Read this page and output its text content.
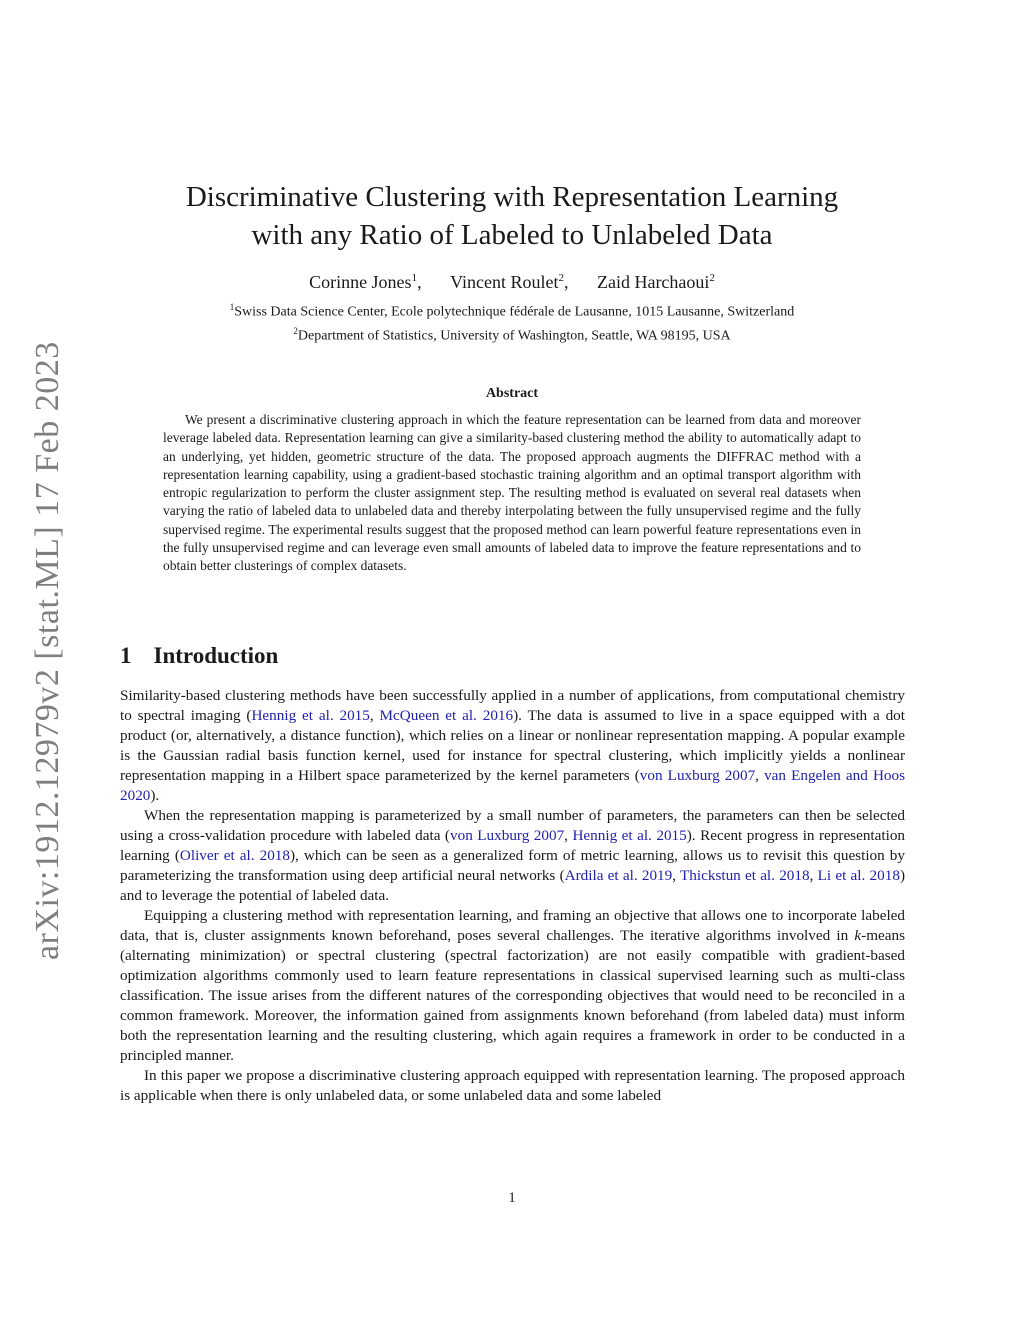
arXiv:1912.12979v2 [stat.ML] 17 Feb 2023
Discriminative Clustering with Representation Learning
with any Ratio of Labeled to Unlabeled Data
Corinne Jones$^1$, Vincent Roulet$^2$, Zaid Harchaoui$^2$
$^1$Swiss Data Science Center, Ecole polytechnique fédérale de Lausanne, 1015 Lausanne, Switzerland
$^2$Department of Statistics, University of Washington, Seattle, WA 98195, USA
Abstract
We present a discriminative clustering approach in which the feature representation can be learned from data and moreover leverage labeled data. Representation learning can give a similarity-based clustering method the ability to automatically adapt to an underlying, yet hidden, geometric structure of the data. The proposed approach augments the DIFFRAC method with a representation learning capability, using a gradient-based stochastic training algorithm and an optimal transport algorithm with entropic regularization to perform the cluster assignment step. The resulting method is evaluated on several real datasets when varying the ratio of labeled data to unlabeled data and thereby interpolating between the fully unsupervised regime and the fully supervised regime. The experimental results suggest that the proposed method can learn powerful feature representations even in the fully unsupervised regime and can leverage even small amounts of labeled data to improve the feature representations and to obtain better clusterings of complex datasets.
1 Introduction

Similarity-based clustering methods have been successfully applied in a number of applications, from computational chemistry to spectral imaging (Hennig et al. 2015, McQueen et al. 2016). The data is assumed to live in a space equipped with a dot product (or, alternatively, a distance function), which relies on a linear or nonlinear representation mapping. A popular example is the Gaussian radial basis function kernel, used for instance for spectral clustering, which implicitly yields a nonlinear representation mapping in a Hilbert space parameterized by the kernel parameters (von Luxburg 2007, van Engelen and Hoos 2020).

When the representation mapping is parameterized by a small number of parameters, the parameters can then be selected using a cross-validation procedure with labeled data (von Luxburg 2007, Hennig et al. 2015). Recent progress in representation learning (Oliver et al. 2018), which can be seen as a generalized form of metric learning, allows us to revisit this question by parameterizing the transformation using deep artificial neural networks (Ardila et al. 2019, Thickstun et al. 2018, Li et al. 2018) and to leverage the potential of labeled data.

Equipping a clustering method with representation learning, and framing an objective that allows one to incorporate labeled data, that is, cluster assignments known beforehand, poses several challenges. The iterative algorithms involved in k-means (alternating minimization) or spectral clustering (spectral factorization) are not easily compatible with gradient-based optimization algorithms commonly used to learn feature representations in classical supervised learning such as multi-class classification. The issue arises from the different natures of the corresponding objectives that would need to be reconciled in a common framework. Moreover, the information gained from assignments known beforehand (from labeled data) must inform both the representation learning and the resulting clustering, which again requires a framework in order to be conducted in a principled manner.

In this paper we propose a discriminative clustering approach equipped with representation learning. The proposed approach is applicable when there is only unlabeled data, or some unlabeled data and some labeled

1
